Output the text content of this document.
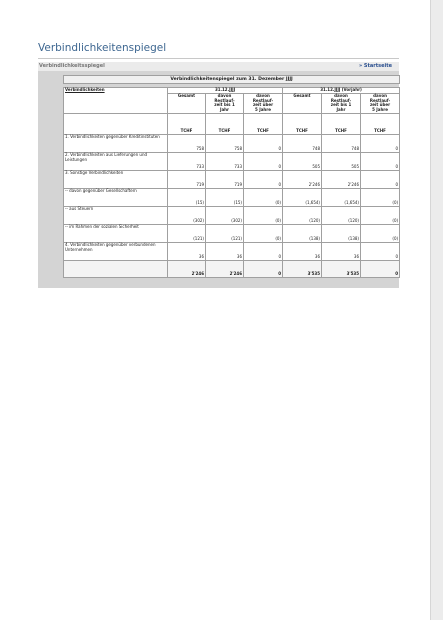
Verbindlichkeitenspiegel
Verbindlichkeitsspiegel	» Startseite
Verbindlichkeitenspiegel zum 31. Dezember JJJJ						

Verbindlichkeiten	31.12.JJJJ			31.12.JJJJ (Vorjahr)		
	Gesamt	davon Restlauf-zeit bis 1 Jahr	davon Restlauf-zeit über 5 Jahre	Gesamt	davon Restlauf-zeit bis 1 Jahr	davon Restlauf-zeit über 5 Jahre
	TCHF	TCHF	TCHF	TCHF	TCHF	TCHF
1. Verbindlichkeiten gegenüber Kreditinstituten	758	758	0	748	748	0
2. Verbindlichkeiten aus Lieferungen und Leistungen	733	733	0	505	505	0
3. Sonstige Verbindlichkeiten	719	719	0	2'246	2'246	0
-- davon gegenüber Gesellschaftern	(15)	(15)	(0)	(1,654)	(1,654)	(0)
-- aus Steuern	(302)	(302)	(0)	(120)	(120)	(0)
-- im Rahmen der sozialen Sicherheit	(121)	(121)	(0)	(138)	(138)	(0)
4. Verbindlichkeiten gegenüber verbundenen Unternehmen	36	36	0	36	36	0
	2'246	2'246	0	3'535	3'535	0
